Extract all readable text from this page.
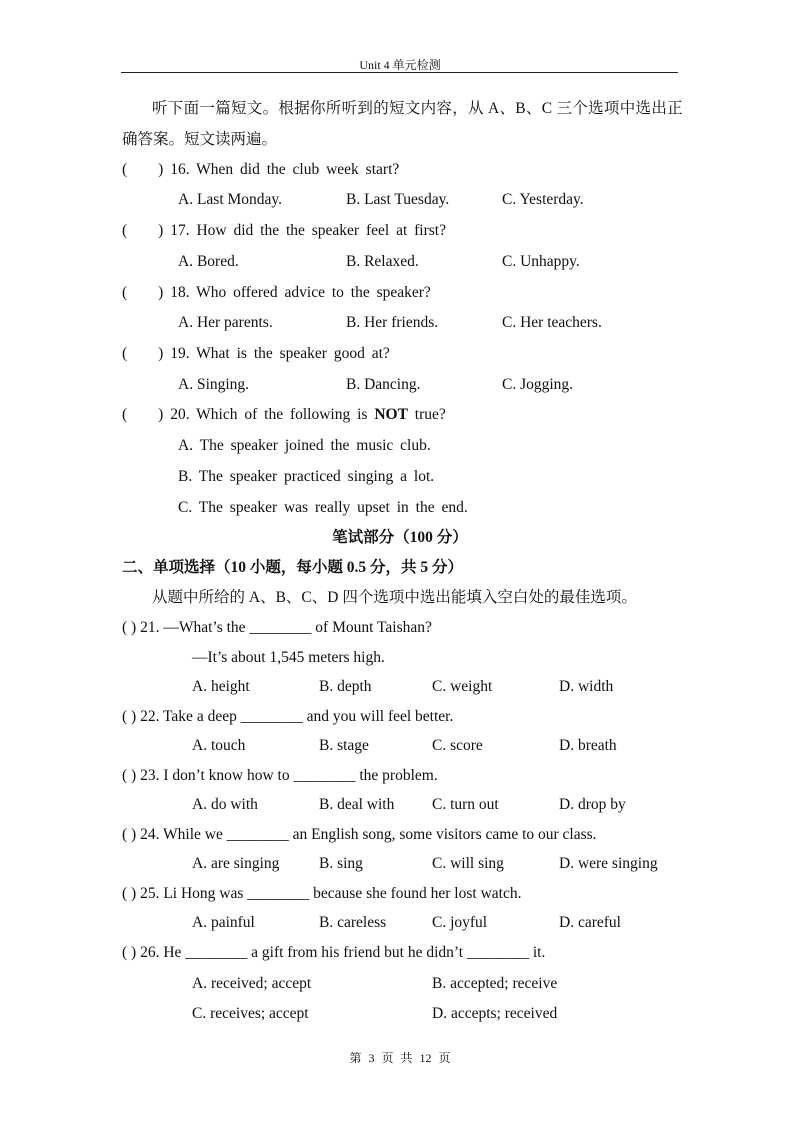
Unit 4 单元检测
听下面一篇短文。根据你所听到的短文内容，从 A、B、C 三个选项中选出正
确答案。短文读两遍。
(　　) 16. When did the club week start?
A. Last Monday.	B. Last Tuesday.	C. Yesterday.
(　　) 17. How did the the speaker feel at first?
A. Bored.	B. Relaxed.	C. Unhappy.
(　　) 18. Who offered advice to the speaker?
A. Her parents.	B. Her friends.	C. Her teachers.
(　　) 19. What is the speaker good at?
A. Singing.	B. Dancing.	C. Jogging.
(　　) 20. Which of the following is NOT true?
A. The speaker joined the music club.
B. The speaker practiced singing a lot.
C. The speaker was really upset in the end.
笔试部分（100 分）
二、单项选择（10 小题，每小题 0.5 分，共 5 分）
从题中所给的 A、B、C、D 四个选项中选出能填入空白处的最佳选项。
( ) 21. —What’s the ________ of Mount Taishan?
—It’s about 1,545 meters high.
A. height	B. depth	C. weight	D. width
( ) 22. Take a deep ________ and you will feel better.
A. touch	B. stage	C. score	D. breath
( ) 23. I don’t know how to ________ the problem.
A. do with	B. deal with C. turn out	D. drop by
( ) 24. While we ________ an English song, some visitors came to our class.
A. are singing	B. sing	C. will sing	D. were singing
( ) 25. Li Hong was ________ because she found her lost watch.
A. painful	B. careless	C. joyful	D. careful
( ) 26. He ________ a gift from his friend but he didn’t ________ it.
A. received; accept	B. accepted; receive
C. receives; accept	D. accepts; received
第 3 页 共 12 页
